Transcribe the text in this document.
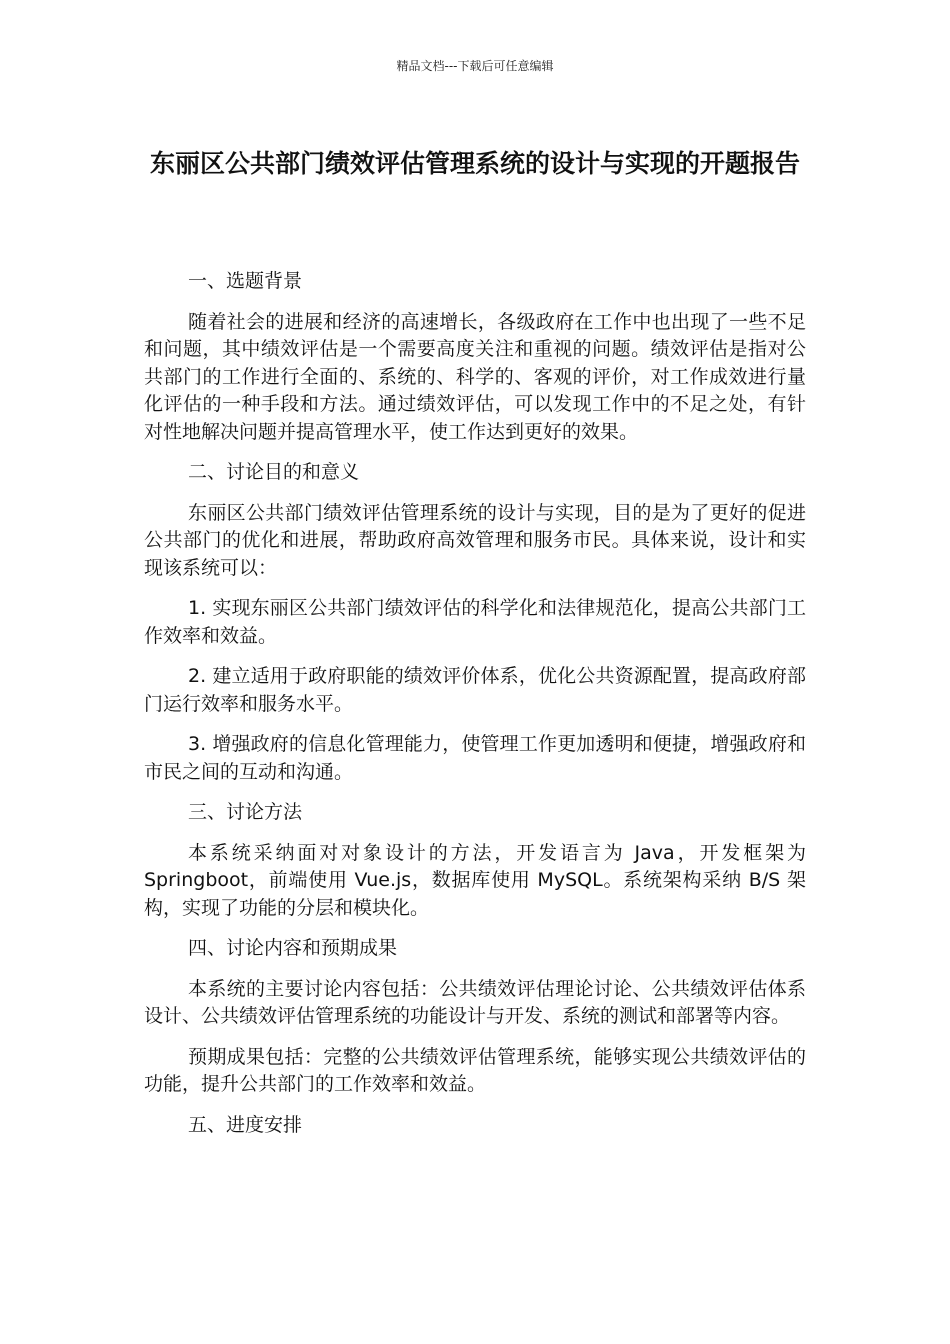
精品文档---下载后可任意编辑
东丽区公共部门绩效评估管理系统的设计与实现的开题报告

一、选题背景

随着社会的进展和经济的高速增长，各级政府在工作中也出现了一些不足和问题，其中绩效评估是一个需要高度关注和重视的问题。绩效评估是指对公共部门的工作进行全面的、系统的、科学的、客观的评价，对工作成效进行量化评估的一种手段和方法。通过绩效评估，可以发现工作中的不足之处，有针对性地解决问题并提高管理水平，使工作达到更好的效果。

二、讨论目的和意义

东丽区公共部门绩效评估管理系统的设计与实现，目的是为了更好的促进公共部门的优化和进展，帮助政府高效管理和服务市民。具体来说，设计和实现该系统可以：

1. 实现东丽区公共部门绩效评估的科学化和法律规范化，提高公共部门工作效率和效益。

2. 建立适用于政府职能的绩效评价体系，优化公共资源配置，提高政府部门运行效率和服务水平。

3. 增强政府的信息化管理能力，使管理工作更加透明和便捷，增强政府和市民之间的互动和沟通。

三、讨论方法

本系统采纳面对对象设计的方法，开发语言为 Java，开发框架为 Springboot，前端使用 Vue.js，数据库使用 MySQL。系统架构采纳 B/S 架构，实现了功能的分层和模块化。

四、讨论内容和预期成果

本系统的主要讨论内容包括：公共绩效评估理论讨论、公共绩效评估体系设计、公共绩效评估管理系统的功能设计与开发、系统的测试和部署等内容。

预期成果包括：完整的公共绩效评估管理系统，能够实现公共绩效评估的功能，提升公共部门的工作效率和效益。

五、进度安排
